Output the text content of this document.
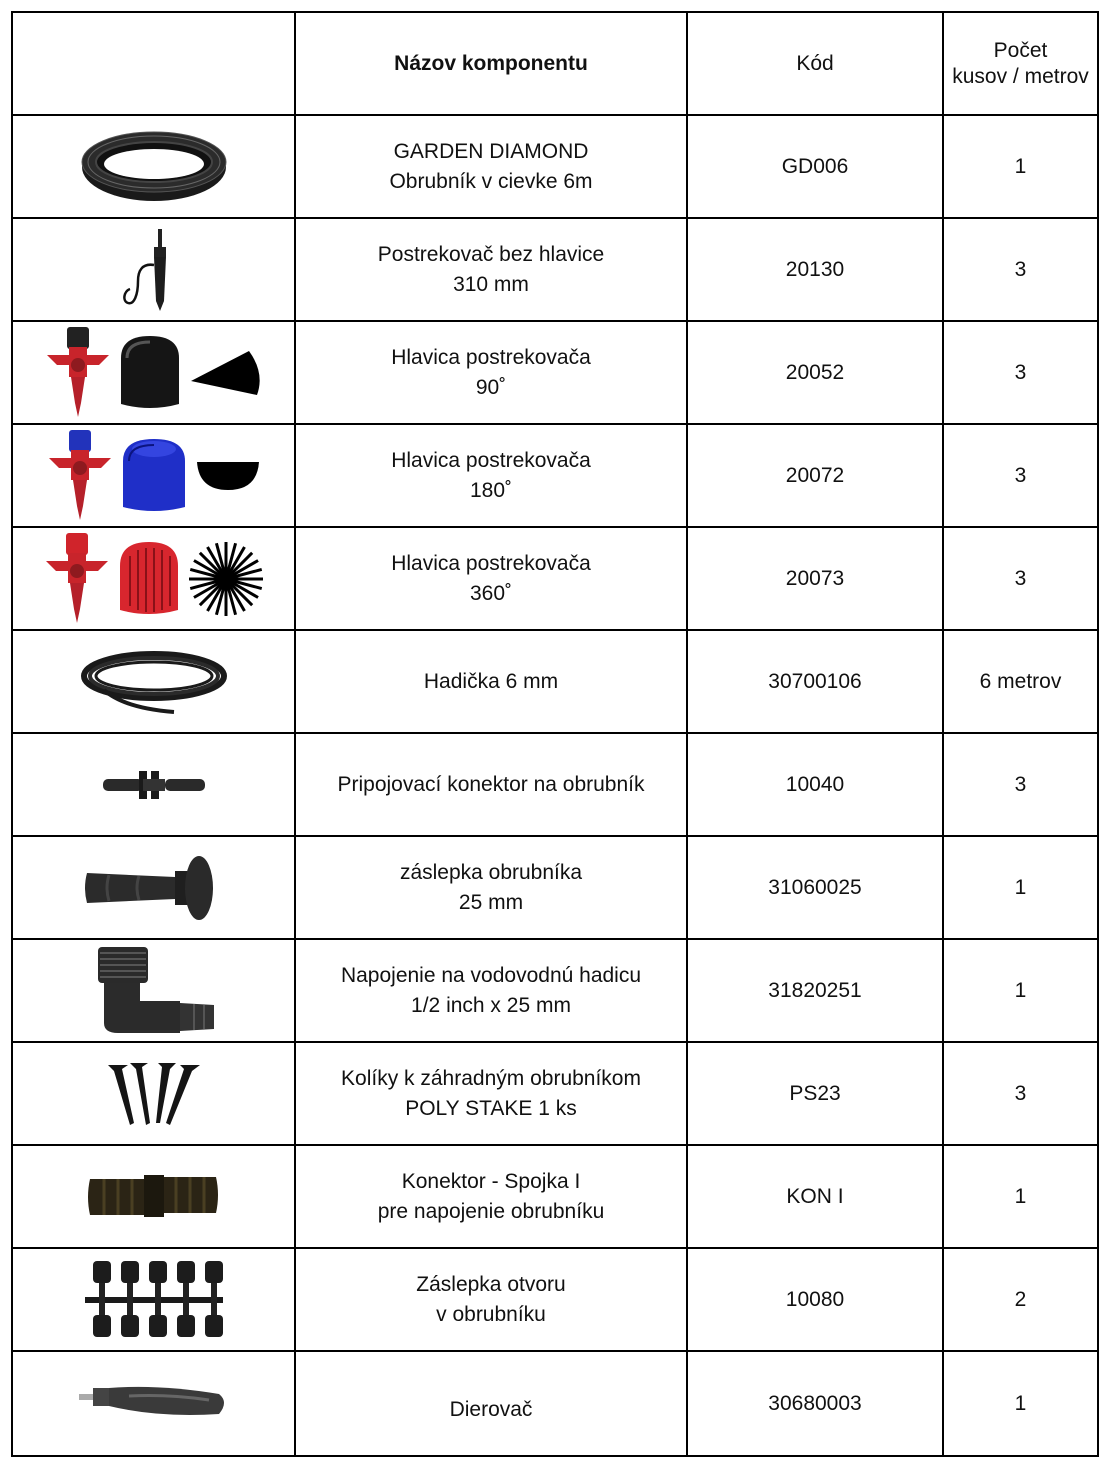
Názov komponentu	Kód
Počet
kusov / metrov
GARDEN DIAMOND
Obrubník v cievke 6m
GD006	1
Postrekovač bez hlavice
310 mm
20130	3
Hlavica postrekovača
90˚
20052	3
Hlavica postrekovača
180˚
20072	3
Hlavica postrekovača
360˚
20073	3
Hadička 6 mm	30700106	6 metrov
Pripojovací konektor na obrubník	10040	3
záslepka obrubníka
25 mm
31060025	1
Napojenie na vodovodnú hadicu
1/2 inch x 25 mm
31820251	1
Kolíky k záhradným obrubníkom
POLY STAKE 1 ks
PS23	3
Konektor - Spojka I
pre napojenie obrubníku
KON I	1
Záslepka otvoru
v obrubníku
10080	2
Dierovač	30680003	1
